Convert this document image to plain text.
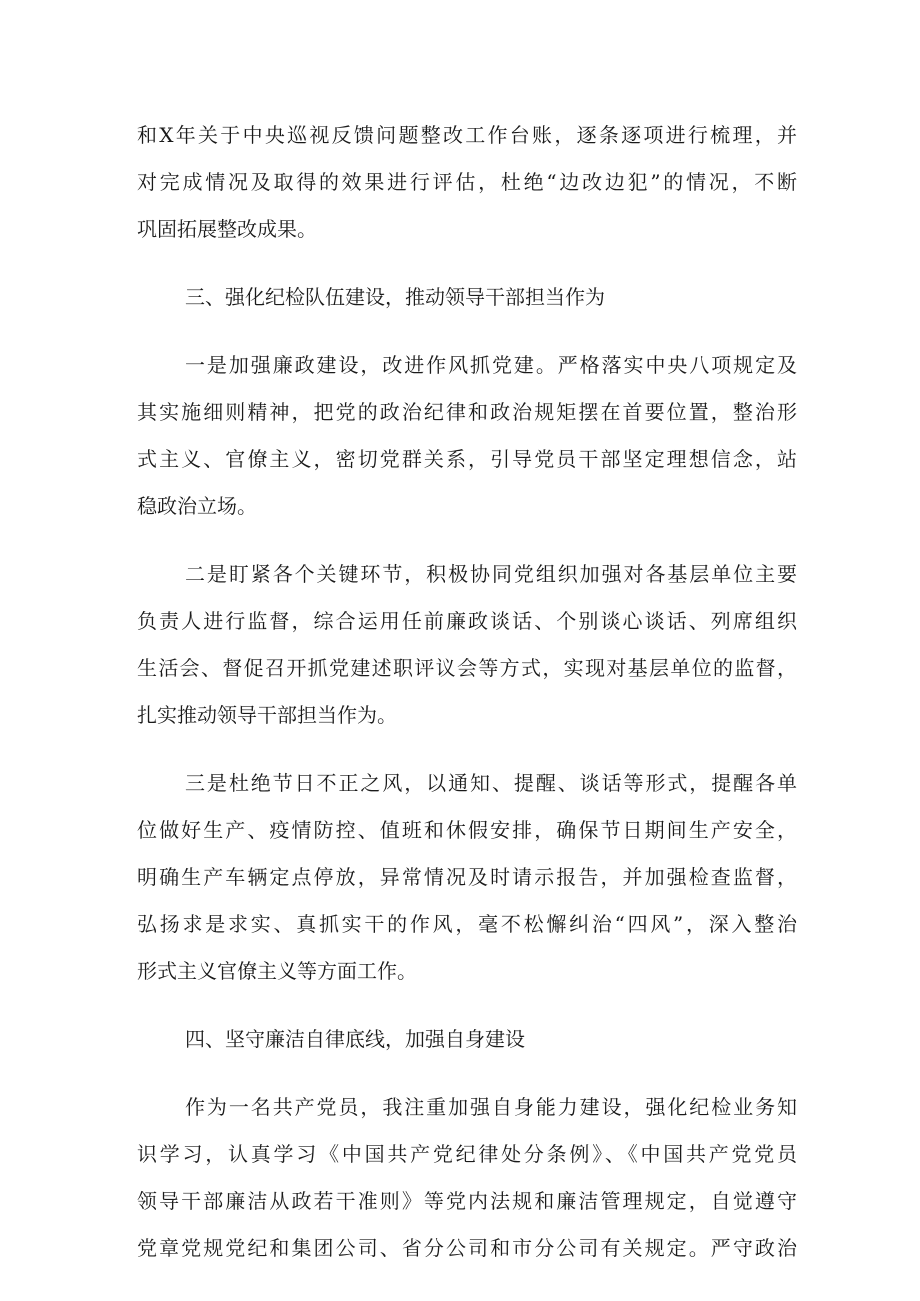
和X年关于中央巡视反馈问题整改工作台账，逐条逐项进行梳理，并
对完成情况及取得的效果进行评估，杜绝“边改边犯”的情况，不断
巩固拓展整改成果。
三、强化纪检队伍建设，推动领导干部担当作为
一是加强廉政建设，改进作风抓党建。严格落实中央八项规定及
其实施细则精神，把党的政治纪律和政治规矩摆在首要位置，整治形
式主义、官僚主义，密切党群关系，引导党员干部坚定理想信念，站
稳政治立场。
二是盯紧各个关键环节，积极协同党组织加强对各基层单位主要
负责人进行监督，综合运用任前廉政谈话、个别谈心谈话、列席组织
生活会、督促召开抓党建述职评议会等方式，实现对基层单位的监督，
扎实推动领导干部担当作为。
三是杜绝节日不正之风，以通知、提醒、谈话等形式，提醒各单
位做好生产、疫情防控、值班和休假安排，确保节日期间生产安全，
明确生产车辆定点停放，异常情况及时请示报告，并加强检查监督，
弘扬求是求实、真抓实干的作风，毫不松懈纠治“四风”，深入整治
形式主义官僚主义等方面工作。
四、坚守廉洁自律底线，加强自身建设
作为一名共产党员，我注重加强自身能力建设，强化纪检业务知
识学习，认真学习《中国共产党纪律处分条例》、《中国共产党党员
领导干部廉洁从政若干准则》等党内法规和廉洁管理规定，自觉遵守
党章党规党纪和集团公司、省分公司和市分公司有关规定。严守政治
